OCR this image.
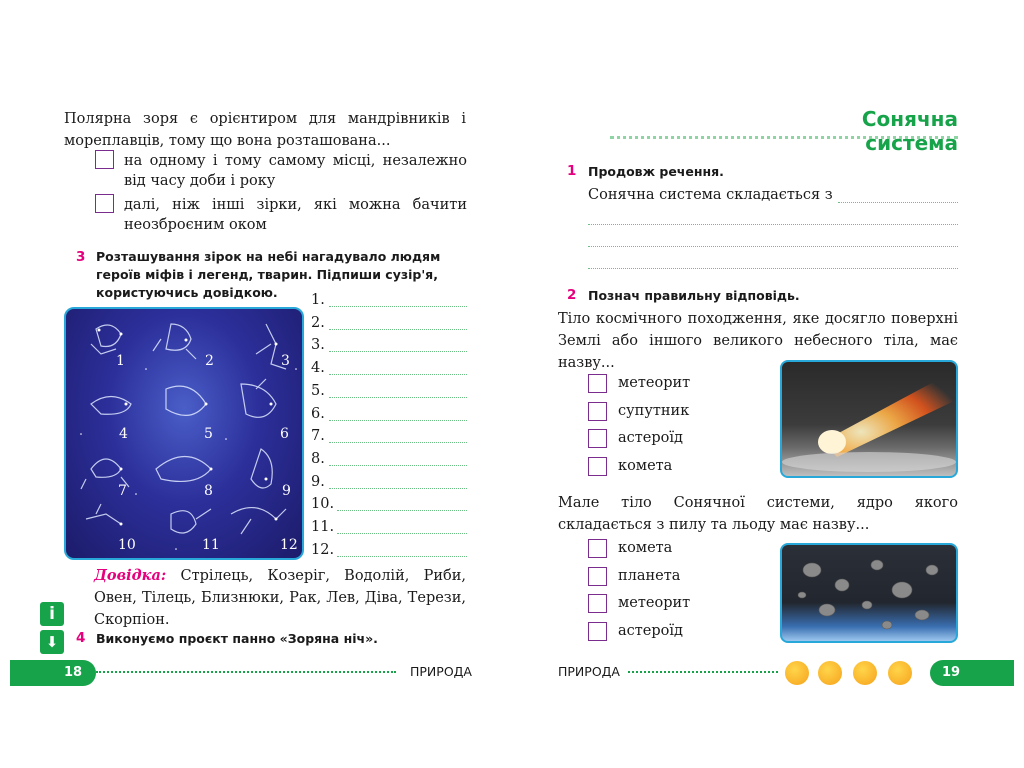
Полярна зоря є орієнтиром для мандрівників і мореплавців, тому що вона розташована...
на одному і тому самому місці, незалежно від часу доби і року
далі, ніж інші зірки, які можна бачити неозброєним оком
3 Розташування зірок на небі нагадувало людям героїв міфів і легенд, тварин. Підпиши сузір'я, користуючись довідкою.
1	2	3
4	5	6
7	8	9
10	11	12
1.
2.
3.
4.
5.
6.
7.
8.
9.
10.
11.
12.
Довідка: Стрілець, Козеріг, Водолій, Риби, Овен, Тілець, Близнюки, Рак, Лев, Діва, Терези, Скорпіон.
i
⬇	4 Виконуємо проєкт панно «Зоряна ніч».
18	ПРИРОДА
Сонячна система
1 Продовж речення.
Сонячна система складається з
2 Познач правильну відповідь.
Тіло космічного походження, яке досягло поверхні Землі або іншого великого небесного тіла, має назву...
метеорит
супутник
астероїд
комета
Мале тіло Сонячної системи, ядро якого складається з пилу та льоду має назву...
комета
планета
метеорит
астероїд
ПРИРОДА	19
